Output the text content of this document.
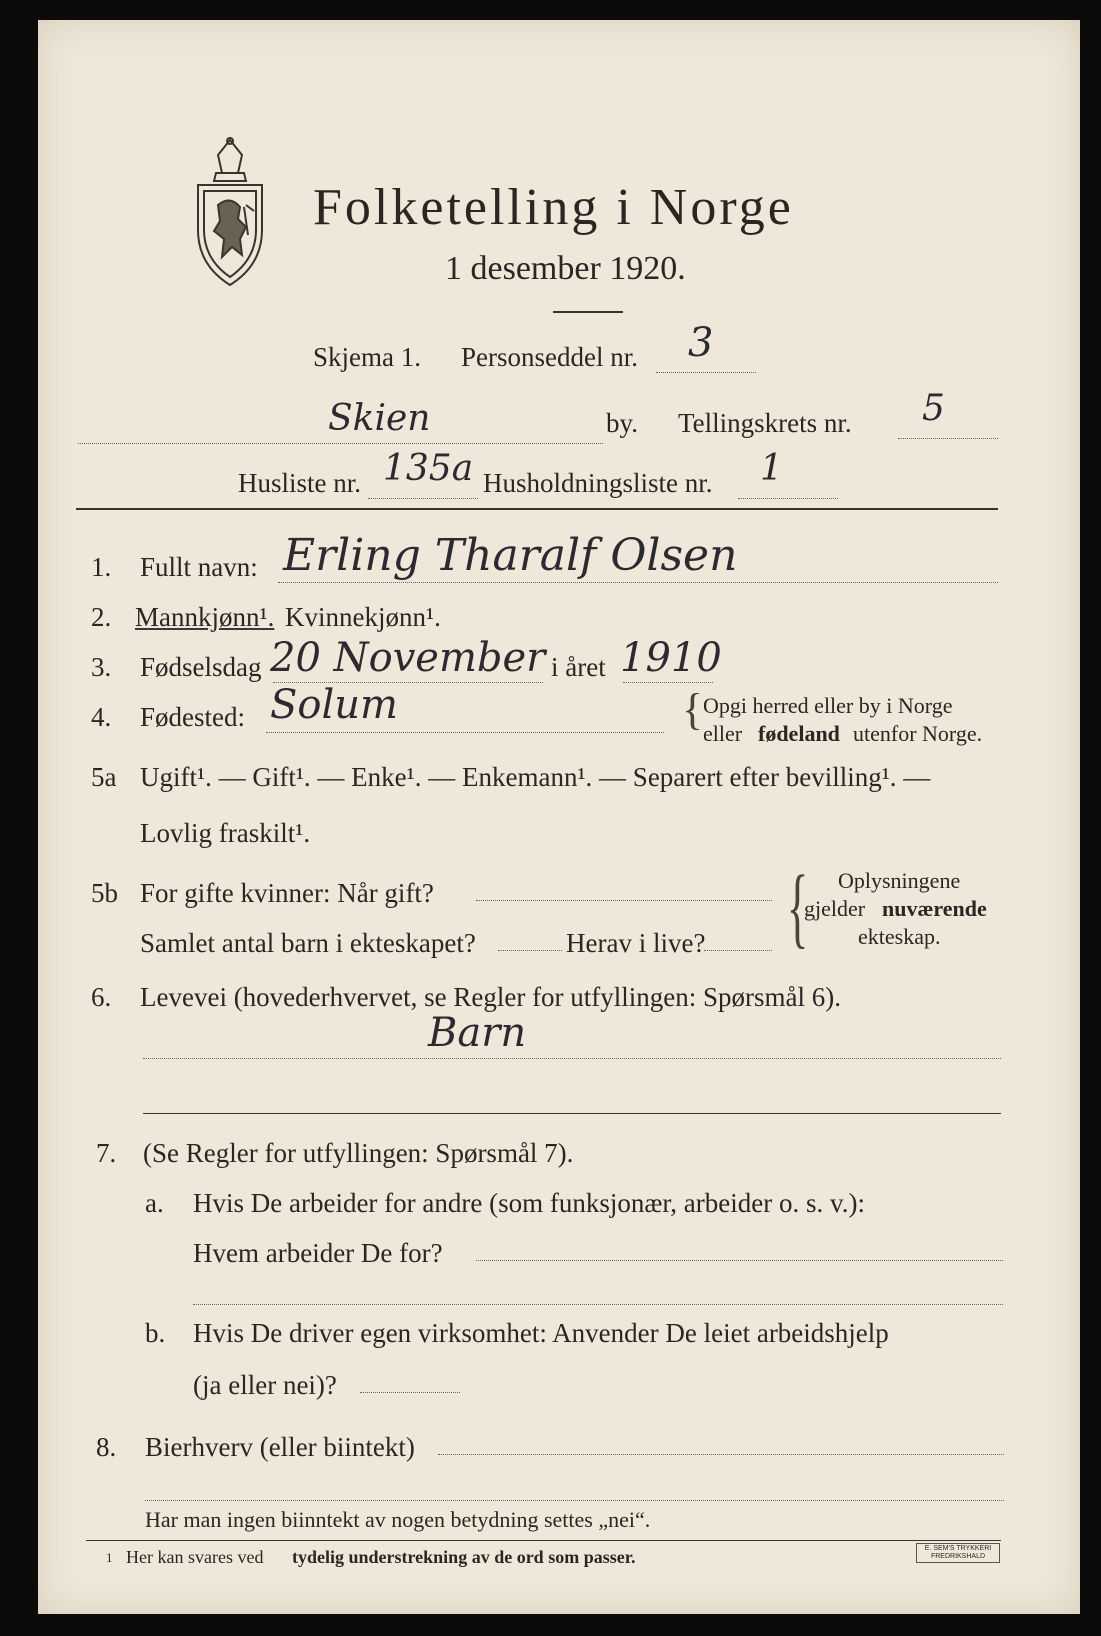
Folketelling i Norge
1 desember 1920.
Skjema 1. Personseddel nr. 3
Skien	by. Tellingskrets nr. 5
Husliste nr. 135a Husholdningsliste nr. 1
1. Fullt navn: Erling Tharalf Olsen
2. Mannkjønn¹. Kvinnekjønn¹.
3. Fødselsdag 20 November i året 1910
4. Fødested: Solum	{ Opgi herred eller by i Norge
eller fødeland utenfor Norge.
5a Ugift¹. — Gift¹. — Enke¹. — Enkemann¹. — Separert efter bevilling¹. —
Lovlig fraskilt¹.
5b For gifte kvinner: Når gift?
Samlet antal barn i ekteskapet?	Herav i live? { Oplysningene
gjelder nuværende
ekteskap.
6. Levevei (hovederhvervet, se Regler for utfyllingen: Spørsmål 6).
Barn
7. (Se Regler for utfyllingen: Spørsmål 7).
a. Hvis De arbeider for andre (som funksjonær, arbeider o. s. v.):
Hvem arbeider De for?
b. Hvis De driver egen virksomhet: Anvender De leiet arbeidshjelp
(ja eller nei)?
8. Bierhverv (eller biintekt)
Har man ingen biinntekt av nogen betydning settes „nei“.
1 Her kan svares ved tydelig understrekning av de ord som passer.	E. SEM'S TRYKKERI
FREDRIKSHALD
